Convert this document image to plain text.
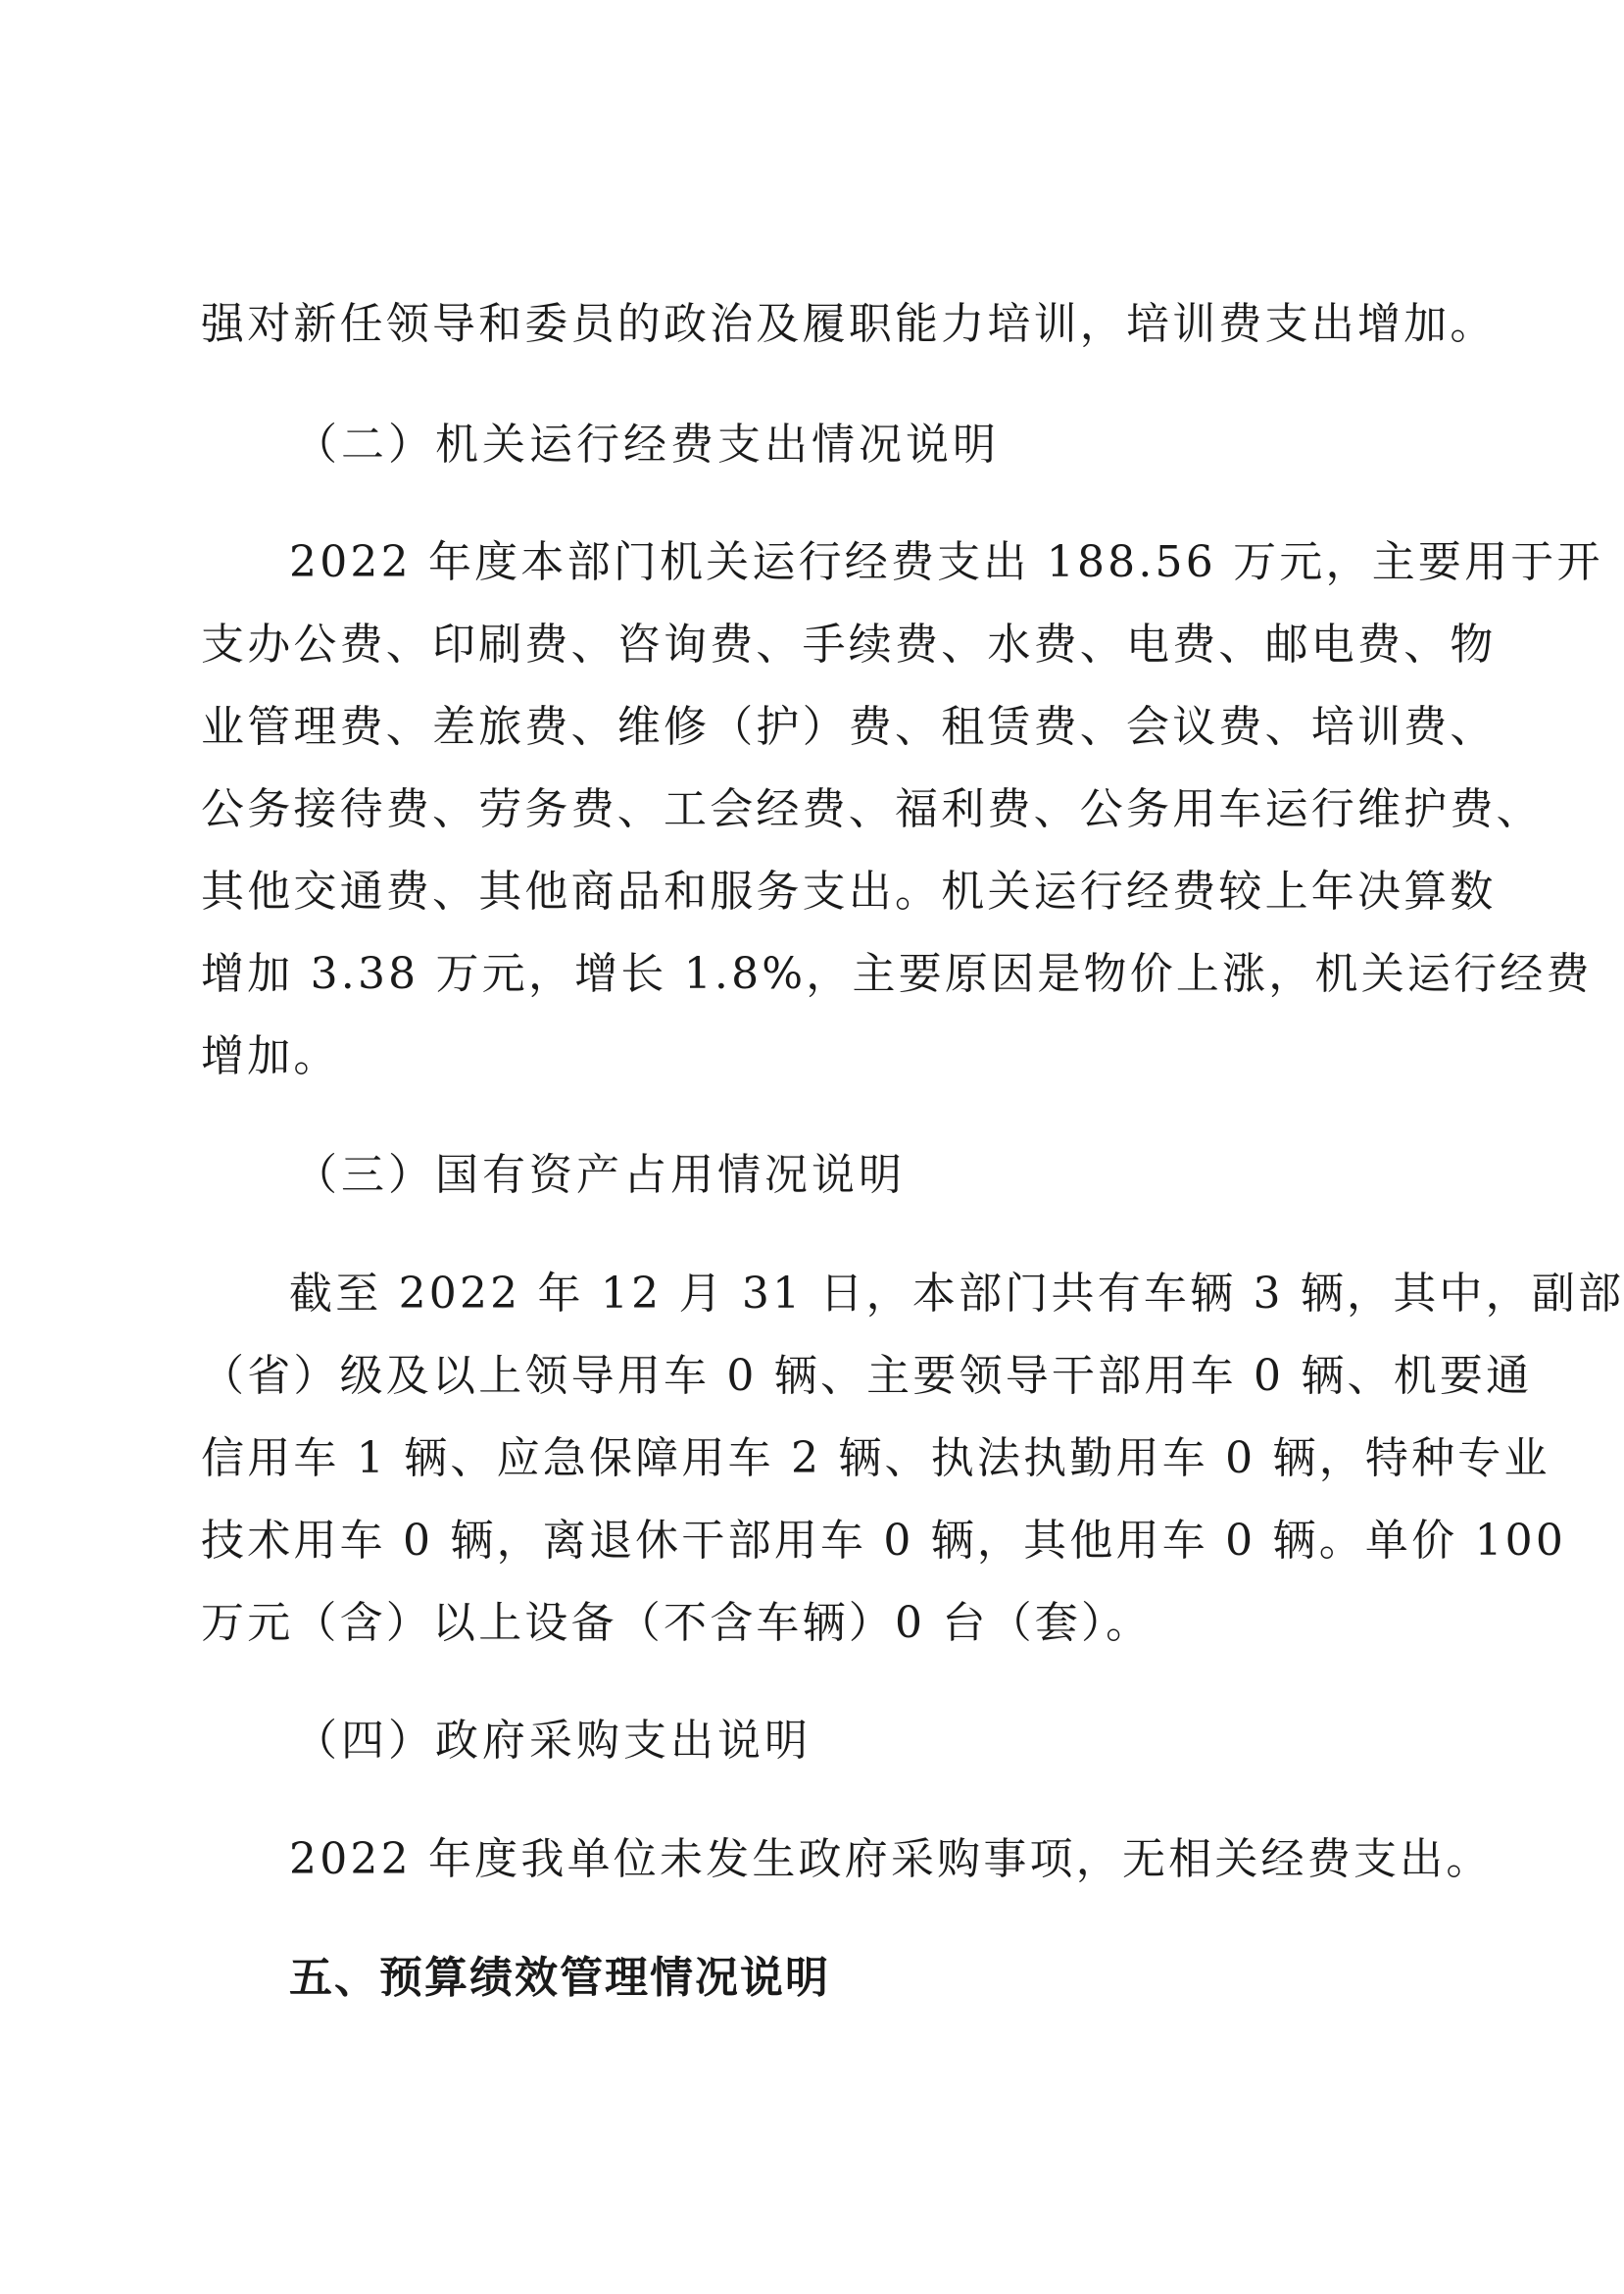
强对新任领导和委员的政治及履职能力培训，培训费支出增加。
（二）机关运行经费支出情况说明
2022 年度本部门机关运行经费支出 188.56 万元，主要用于开
支办公费、印刷费、咨询费、手续费、水费、电费、邮电费、物
业管理费、差旅费、维修（护）费、租赁费、会议费、培训费、
公务接待费、劳务费、工会经费、福利费、公务用车运行维护费、
其他交通费、其他商品和服务支出。机关运行经费较上年决算数
增加 3.38 万元，增长 1.8%，主要原因是物价上涨，机关运行经费
增加。
（三）国有资产占用情况说明
截至 2022 年 12 月 31 日，本部门共有车辆 3 辆，其中，副部
（省）级及以上领导用车 0 辆、主要领导干部用车 0 辆、机要通
信用车 1 辆、应急保障用车 2 辆、执法执勤用车 0 辆，特种专业
技术用车 0 辆，离退休干部用车 0 辆，其他用车 0 辆。单价 100
万元（含）以上设备（不含车辆）0 台（套）。
（四）政府采购支出说明
2022 年度我单位未发生政府采购事项，无相关经费支出。
五、预算绩效管理情况说明
